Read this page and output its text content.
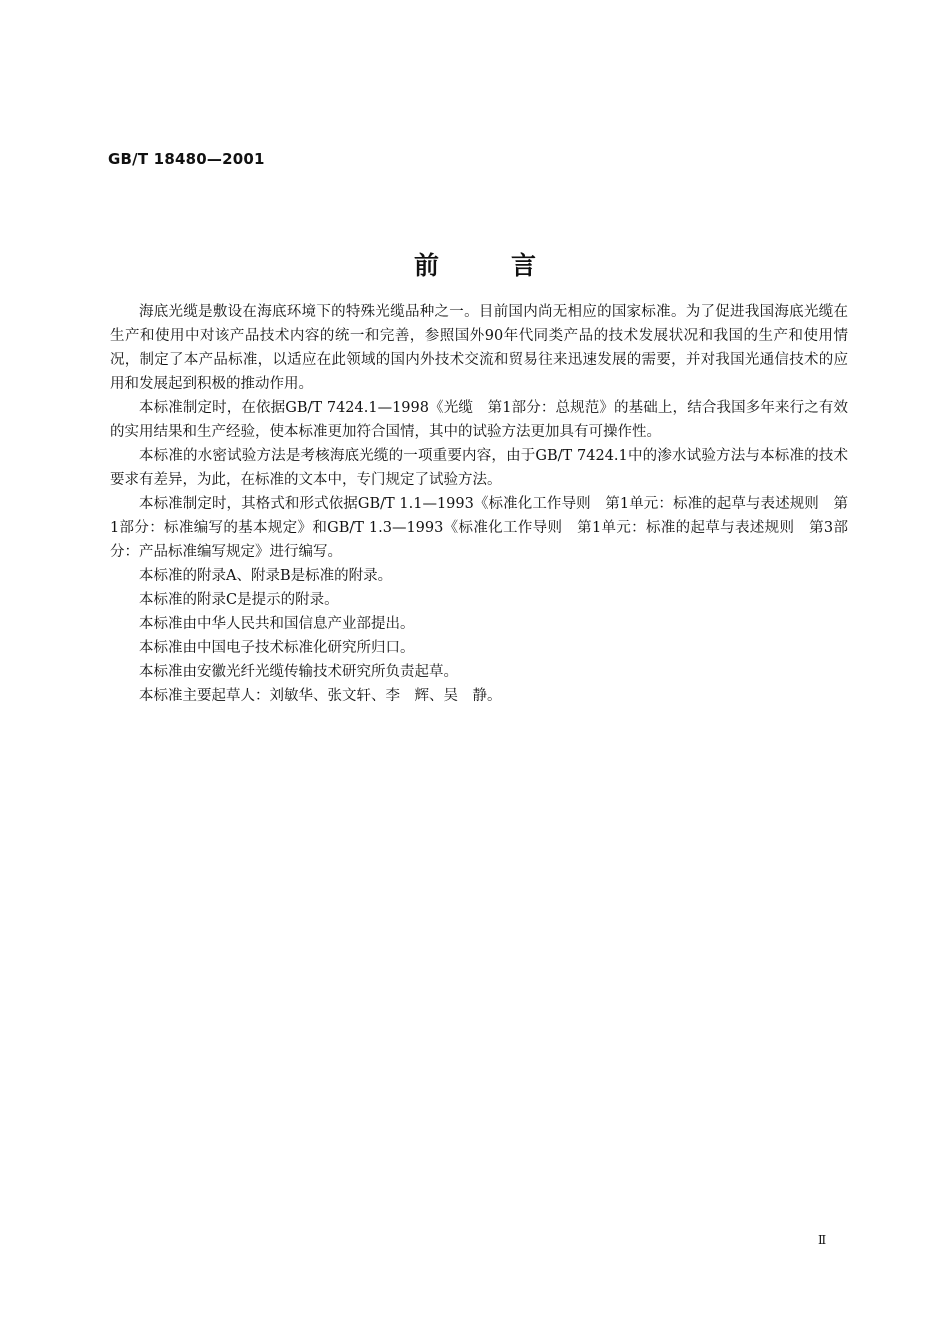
GB/T 18480—2001
前言

海底光缆是敷设在海底环境下的特殊光缆品种之一。目前国内尚无相应的国家标准。为了促进我国海底光缆在生产和使用中对该产品技术内容的统一和完善，参照国外90年代同类产品的技术发展状况和我国的生产和使用情况，制定了本产品标准，以适应在此领域的国内外技术交流和贸易往来迅速发展的需要，并对我国光通信技术的应用和发展起到积极的推动作用。

本标准制定时，在依据GB/T 7424.1—1998《光缆　第1部分：总规范》的基础上，结合我国多年来行之有效的实用结果和生产经验，使本标准更加符合国情，其中的试验方法更加具有可操作性。

本标准的水密试验方法是考核海底光缆的一项重要内容，由于GB/T 7424.1中的渗水试验方法与本标准的技术要求有差异，为此，在标准的文本中，专门规定了试验方法。

本标准制定时，其格式和形式依据GB/T 1.1—1993《标准化工作导则　第1单元：标准的起草与表述规则　第1部分：标准编写的基本规定》和GB/T 1.3—1993《标准化工作导则　第1单元：标准的起草与表述规则　第3部分：产品标准编写规定》进行编写。

本标准的附录A、附录B是标准的附录。

本标准的附录C是提示的附录。

本标准由中华人民共和国信息产业部提出。

本标准由中国电子技术标准化研究所归口。

本标准由安徽光纤光缆传输技术研究所负责起草。

本标准主要起草人：刘敏华、张文轩、李　辉、吴　静。

Ⅱ
